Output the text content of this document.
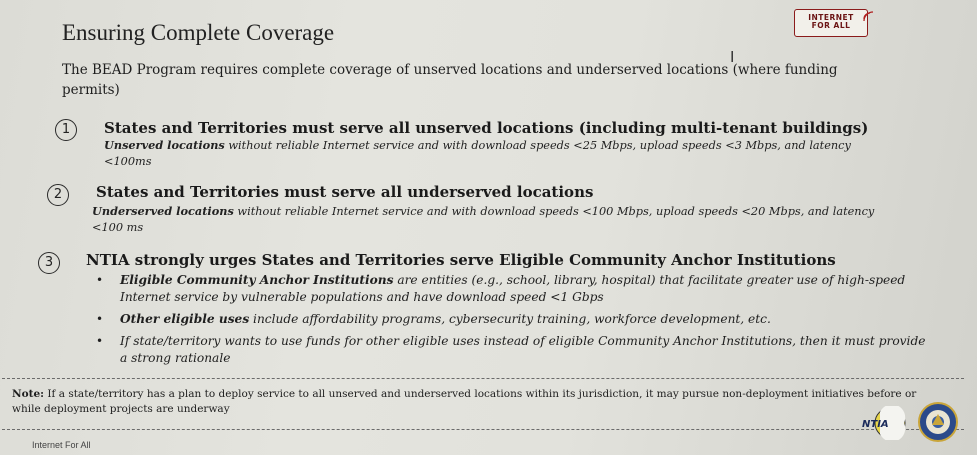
Ensuring Complete Coverage
INTERNET
FOR ALL
I

The BEAD Program requires complete coverage of unserved locations and underserved locations (where funding permits)

1	States and Territories must serve all unserved locations (including multi-tenant buildings)

Unserved locations without reliable Internet service and with download speeds <25 Mbps, upload speeds <3 Mbps, and latency <100ms

2	States and Territories must serve all underserved locations

Underserved locations without reliable Internet service and with download speeds <100 Mbps, upload speeds <20 Mbps, and latency <100 ms

3	NTIA strongly urges States and Territories serve Eligible Community Anchor Institutions

• Eligible Community Anchor Institutions are entities (e.g., school, library, hospital) that facilitate greater use of high-speed Internet service by vulnerable populations and have download speed <1 Gbps
• Other eligible uses include affordability programs, cybersecurity training, workforce development, etc.
• If state/territory wants to use funds for other eligible uses instead of eligible Community Anchor Institutions, then it must provide a strong rationale

Note: If a state/territory has a plan to deploy service to all unserved and underserved locations within its jurisdiction, it may pursue non-deployment initiatives before or while deployment projects are underway

Internet For All

NTIA
